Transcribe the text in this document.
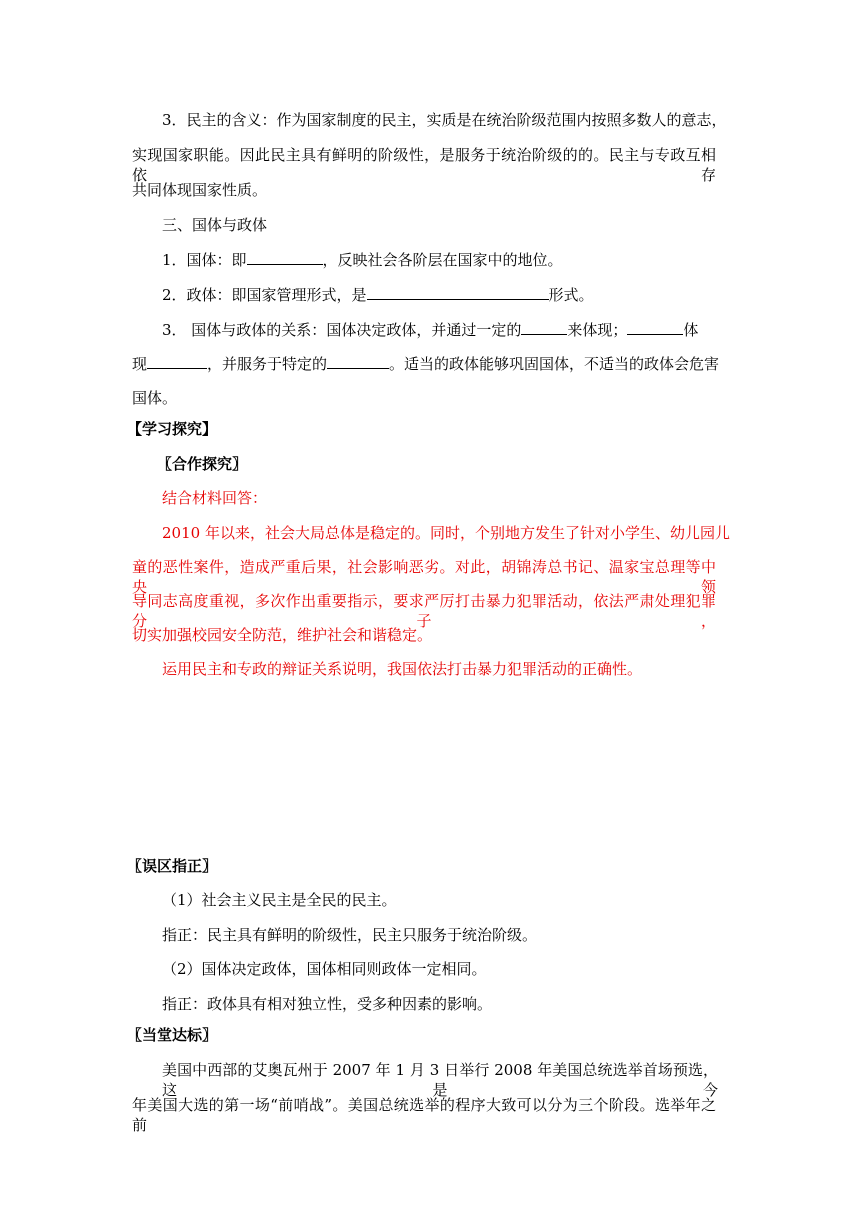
3．民主的含义：作为国家制度的民主，实质是在统治阶级范围内按照多数人的意志，
实现国家职能。因此民主具有鲜明的阶级性，是服务于统治阶级的的。民主与专政互相依存
共同体现国家性质。
三、国体与政体
1．国体：即	，反映社会各阶层在国家中的地位。
2．政体：即国家管理形式，是	形式。
3． 国体与政体的关系：国体决定政体，并通过一定的	来体现；	体
现	，并服务于特定的	。适当的政体能够巩固国体，不适当的政体会危害
国体。
【学习探究】
〖合作探究〗
结合材料回答：
2010 年以来，社会大局总体是稳定的。同时，个别地方发生了针对小学生、幼儿园儿
童的恶性案件，造成严重后果，社会影响恶劣。对此，胡锦涛总书记、温家宝总理等中央领
导同志高度重视，多次作出重要指示，要求严厉打击暴力犯罪活动，依法严肃处理犯罪分子，
切实加强校园安全防范，维护社会和谐稳定。
运用民主和专政的辩证关系说明，我国依法打击暴力犯罪活动的正确性。
〖误区指正〗
（1）社会主义民主是全民的民主。
指正：民主具有鲜明的阶级性，民主只服务于统治阶级。
（2）国体决定政体，国体相同则政体一定相同。
指正：政体具有相对独立性，受多种因素的影响。
〖当堂达标〗
美国中西部的艾奥瓦州于 2007 年 1 月 3 日举行 2008 年美国总统选举首场预选，这是今
年美国大选的第一场“前哨战”。美国总统选举的程序大致可以分为三个阶段。选举年之前
